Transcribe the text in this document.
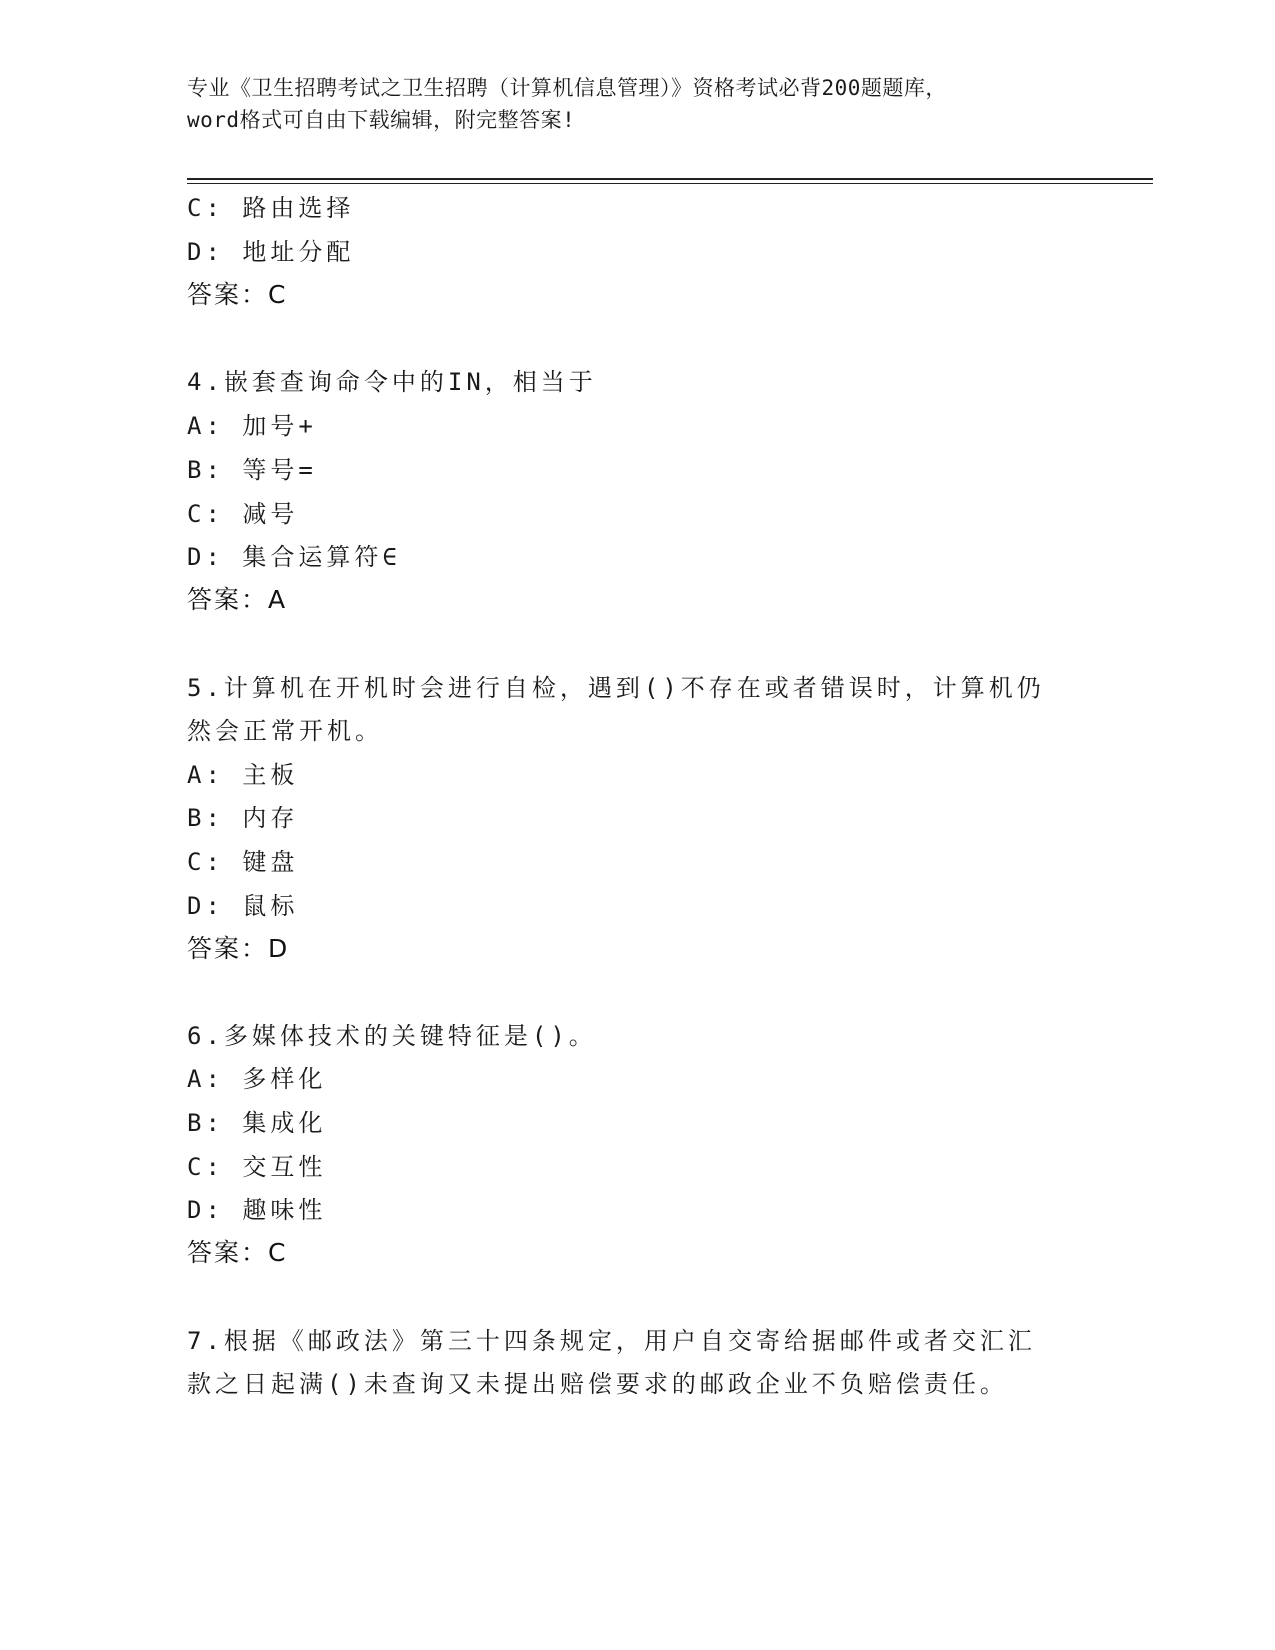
专业《卫生招聘考试之卫生招聘（计算机信息管理）》资格考试必背200题题库，
word格式可自由下载编辑，附完整答案!
C: 路由选择
D: 地址分配
答案：C
4.嵌套查询命令中的IN，相当于
A: 加号+
B: 等号=
C: 减号
D: 集合运算符∈
答案：A
5.计算机在开机时会进行自检，遇到()不存在或者错误时，计算机仍
然会正常开机。
A: 主板
B: 内存
C: 键盘
D: 鼠标
答案：D
6.多媒体技术的关键特征是()。
A: 多样化
B: 集成化
C: 交互性
D: 趣味性
答案：C
7.根据《邮政法》第三十四条规定，用户自交寄给据邮件或者交汇汇
款之日起满()未查询又未提出赔偿要求的邮政企业不负赔偿责任。
